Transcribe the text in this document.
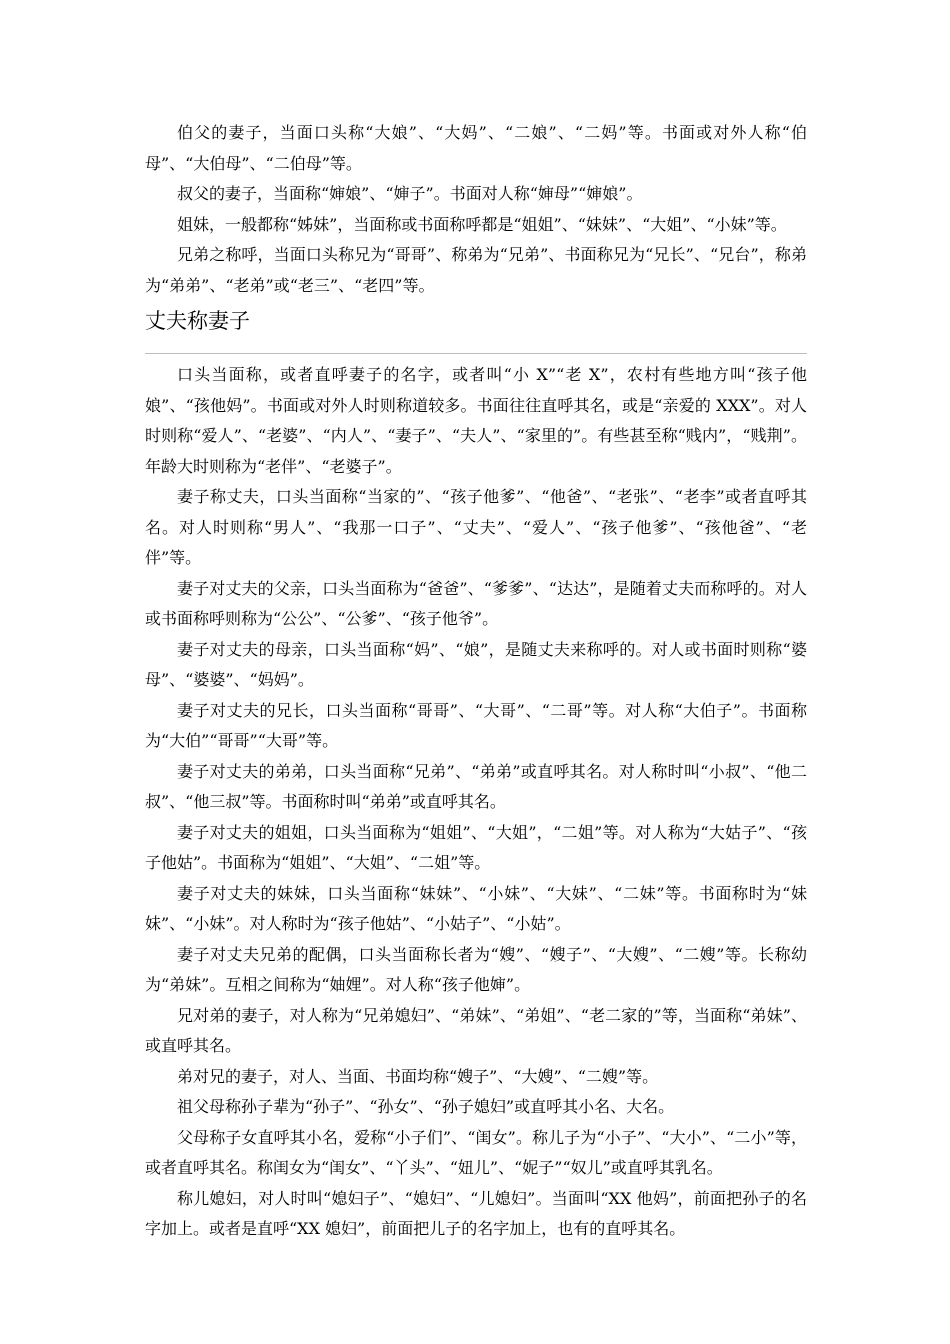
伯父的妻子，当面口头称“大娘”、“大妈”、“二娘”、“二妈”等。书面或对外人称“伯母”、“大伯母”、“二伯母”等。

叔父的妻子，当面称“婶娘”、“婶子”。书面对人称“婶母”“婶娘”。

姐妹，一般都称“姊妹”，当面称或书面称呼都是“姐姐”、“妹妹”、“大姐”、“小妹”等。

兄弟之称呼，当面口头称兄为“哥哥”、称弟为“兄弟”、书面称兄为“兄长”、“兄台”，称弟为“弟弟”、“老弟”或“老三”、“老四”等。

丈夫称妻子

口头当面称，或者直呼妻子的名字，或者叫“小 X”“老 X”，农村有些地方叫“孩子他娘”、“孩他妈”。书面或对外人时则称道较多。书面往往直呼其名，或是“亲爱的 XXX”。对人时则称“爱人”、“老婆”、“内人”、“妻子”、“夫人”、“家里的”。有些甚至称“贱内”，“贱荆”。年龄大时则称为“老伴”、“老婆子”。

妻子称丈夫，口头当面称“当家的”、“孩子他爹”、“他爸”、“老张”、“老李”或者直呼其名。对人时则称“男人”、“我那一口子”、“丈夫”、“爱人”、“孩子他爹”、“孩他爸”、“老伴”等。

妻子对丈夫的父亲，口头当面称为“爸爸”、“爹爹”、“达达”，是随着丈夫而称呼的。对人或书面称呼则称为“公公”、“公爹”、“孩子他爷”。

妻子对丈夫的母亲，口头当面称“妈”、“娘”，是随丈夫来称呼的。对人或书面时则称“婆母”、“婆婆”、“妈妈”。

妻子对丈夫的兄长，口头当面称“哥哥”、“大哥”、“二哥”等。对人称“大伯子”。书面称为“大伯”“哥哥”“大哥”等。

妻子对丈夫的弟弟，口头当面称“兄弟”、“弟弟”或直呼其名。对人称时叫“小叔”、“他二叔”、“他三叔”等。书面称时叫“弟弟”或直呼其名。

妻子对丈夫的姐姐，口头当面称为“姐姐”、“大姐”，“二姐”等。对人称为“大姑子”、“孩子他姑”。书面称为“姐姐”、“大姐”、“二姐”等。

妻子对丈夫的妹妹，口头当面称“妹妹”、“小妹”、“大妹”、“二妹”等。书面称时为“妹妹”、“小妹”。对人称时为“孩子他姑”、“小姑子”、“小姑”。

妻子对丈夫兄弟的配偶，口头当面称长者为“嫂”、“嫂子”、“大嫂”、“二嫂”等。长称幼为“弟妹”。互相之间称为“妯娌”。对人称“孩子他婶”。

兄对弟的妻子，对人称为“兄弟媳妇”、“弟妹”、“弟姐”、“老二家的”等，当面称“弟妹”、或直呼其名。

弟对兄的妻子，对人、当面、书面均称“嫂子”、“大嫂”、“二嫂”等。

祖父母称孙子辈为“孙子”、“孙女”、“孙子媳妇”或直呼其小名、大名。

父母称子女直呼其小名，爱称“小子们”、“闺女”。称儿子为“小子”、“大小”、“二小”等，或者直呼其名。称闺女为“闺女”、“丫头”、“妞儿”、“妮子”“奴儿”或直呼其乳名。

称儿媳妇，对人时叫“媳妇子”、“媳妇”、“儿媳妇”。当面叫“XX 他妈”，前面把孙子的名字加上。或者是直呼“XX 媳妇”，前面把儿子的名字加上，也有的直呼其名。
